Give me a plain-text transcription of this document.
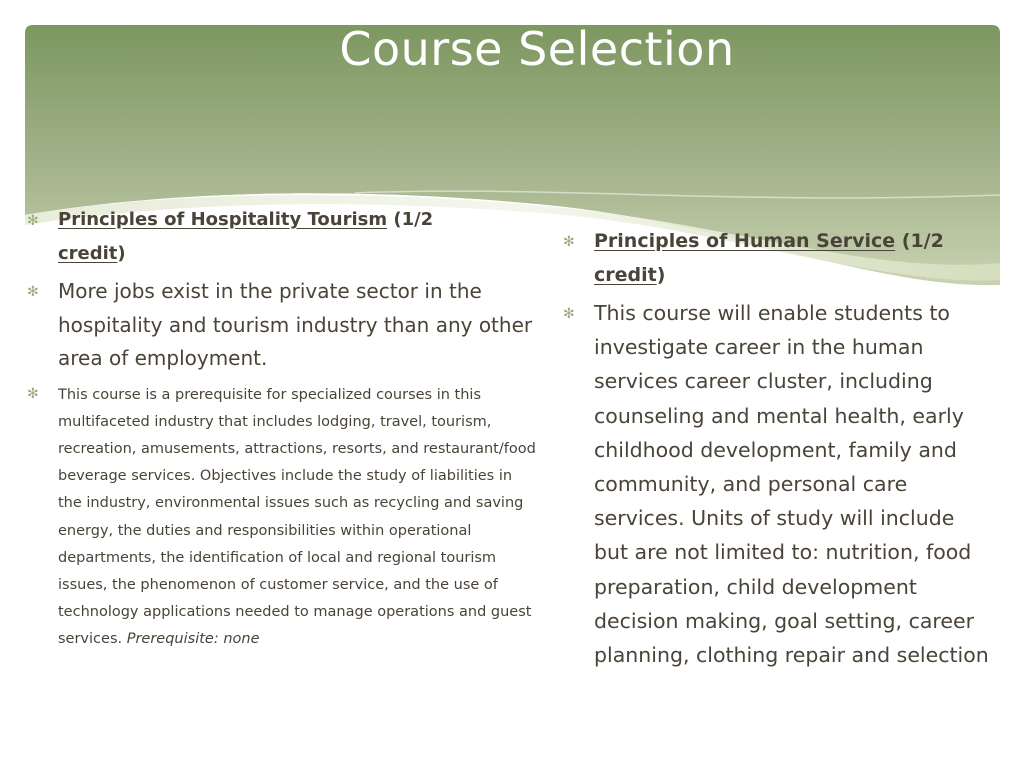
Course Selection
✻ Principles of Hospitality Tourism (1/2
credit)
✻ More jobs exist in the private sector in the hospitality and tourism industry than any other area of employment.
✻ This course is a prerequisite for specialized courses in this multifaceted industry that includes lodging, travel, tourism, recreation, amusements, attractions, resorts, and restaurant/food beverage services. Objectives include the study of liabilities in the industry, environmental issues such as recycling and saving energy, the duties and responsibilities within operational departments, the identification of local and regional tourism issues, the phenomenon of customer service, and the use of technology applications needed to manage operations and guest services. Prerequisite: none
✻ Principles of Human Service (1/2
credit)
✻ This course will enable students to investigate career in the human services career cluster, including counseling and mental health, early childhood development, family and community, and personal care services. Units of study will include but are not limited to: nutrition, food preparation, child development decision making, goal setting, career planning, clothing repair and selection
